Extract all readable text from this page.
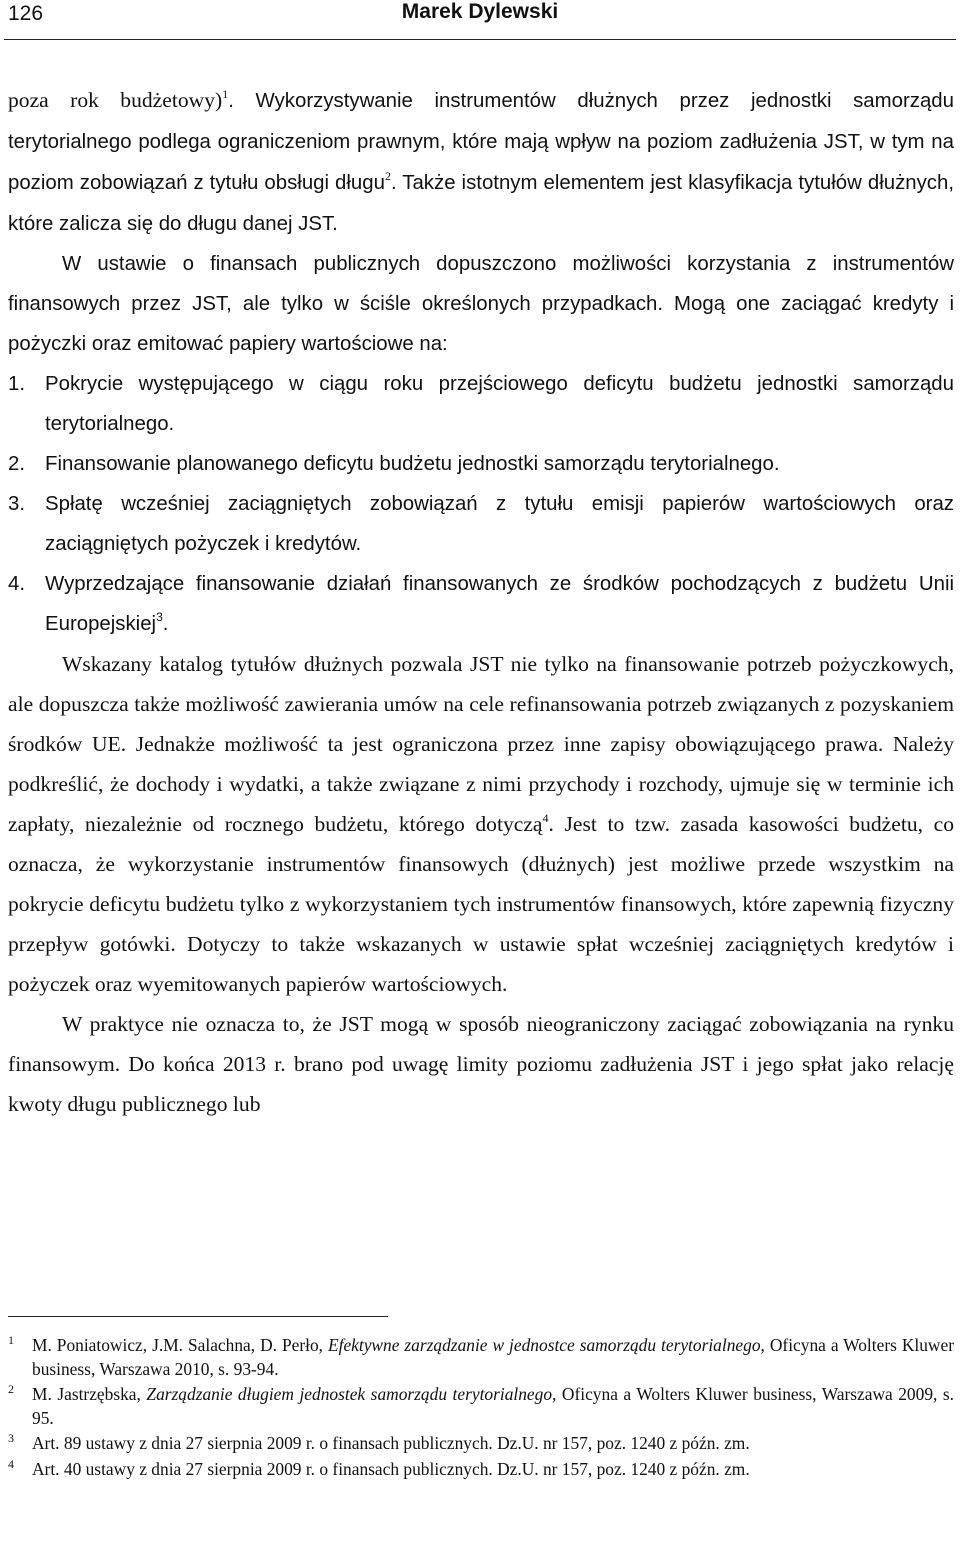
126	Marek Dylewski

poza rok budżetowy)$^1$. Wykorzystywanie instrumentów dłużnych przez jednostki samorządu terytorialnego podlega ograniczeniom prawnym, które mają wpływ na poziom zadłużenia JST, w tym na poziom zobowiązań z tytułu obsługi długu$^2$. Także istotnym elementem jest klasyfikacja tytułów dłużnych, które zalicza się do długu danej JST.

W ustawie o finansach publicznych dopuszczono możliwości korzystania z instrumentów finansowych przez JST, ale tylko w ściśle określonych przypadkach. Mogą one zaciągać kredyty i pożyczki oraz emitować papiery wartościowe na:

1. Pokrycie występującego w ciągu roku przejściowego deficytu budżetu jednostki samorządu terytorialnego.
2. Finansowanie planowanego deficytu budżetu jednostki samorządu terytorialnego.
3. Spłatę wcześniej zaciągniętych zobowiązań z tytułu emisji papierów wartościowych oraz zaciągniętych pożyczek i kredytów.
4. Wyprzedzające finansowanie działań finansowanych ze środków pochodzących z budżetu Unii Europejskiej$^3$.

Wskazany katalog tytułów dłużnych pozwala JST nie tylko na finansowanie potrzeb pożyczkowych, ale dopuszcza także możliwość zawierania umów na cele refinansowania potrzeb związanych z pozyskaniem środków UE. Jednakże możliwość ta jest ograniczona przez inne zapisy obowiązującego prawa. Należy podkreślić, że dochody i wydatki, a także związane z nimi przychody i rozchody, ujmuje się w terminie ich zapłaty, niezależnie od rocznego budżetu, którego dotyczą$^4$. Jest to tzw. zasada kasowości budżetu, co oznacza, że wykorzystanie instrumentów finansowych (dłużnych) jest możliwe przede wszystkim na pokrycie deficytu budżetu tylko z wykorzystaniem tych instrumentów finansowych, które zapewnią fizyczny przepływ gotówki. Dotyczy to także wskazanych w ustawie spłat wcześniej zaciągniętych kredytów i pożyczek oraz wyemitowanych papierów wartościowych.

W praktyce nie oznacza to, że JST mogą w sposób nieograniczony zaciągać zobowiązania na rynku finansowym. Do końca 2013 r. brano pod uwagę limity poziomu zadłużenia JST i jego spłat jako relację kwoty długu publicznego lub

1 M. Poniatowicz, J.M. Salachna, D. Perło, Efektywne zarządzanie w jednostce samorządu terytorialnego, Oficyna a Wolters Kluwer business, Warszawa 2010, s. 93-94.
2 M. Jastrzębska, Zarządzanie długiem jednostek samorządu terytorialnego, Oficyna a Wolters Kluwer business, Warszawa 2009, s. 95.
3 Art. 89 ustawy z dnia 27 sierpnia 2009 r. o finansach publicznych. Dz.U. nr 157, poz. 1240 z późn. zm.
4 Art. 40 ustawy z dnia 27 sierpnia 2009 r. o finansach publicznych. Dz.U. nr 157, poz. 1240 z późn. zm.
